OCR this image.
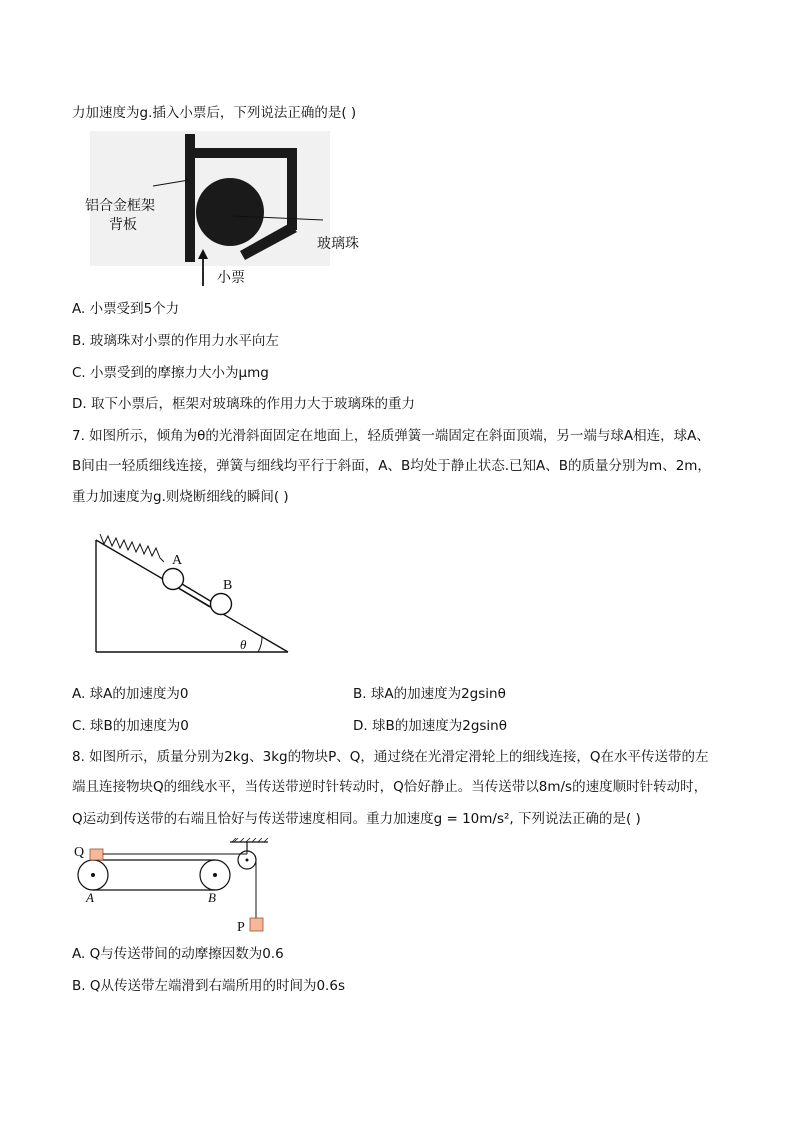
力加速度为g.插入小票后，下列说法正确的是( )
铝合金框架
背板
玻璃珠
小票
A. 小票受到5个力
B. 玻璃珠对小票的作用力水平向左
C. 小票受到的摩擦力大小为μmg
D. 取下小票后，框架对玻璃珠的作用力大于玻璃珠的重力
7. 如图所示，倾角为θ的光滑斜面固定在地面上，轻质弹簧一端固定在斜面顶端，另一端与球A相连，球A、
B间由一轻质细线连接，弹簧与细线均平行于斜面，A、B均处于静止状态.已知A、B的质量分别为m、2m，
重力加速度为g.则烧断细线的瞬间( )
A
B
θ
A. 球A的加速度为0	B. 球A的加速度为2gsinθ
C. 球B的加速度为0	D. 球B的加速度为2gsinθ
8. 如图所示，质量分别为2kg、3kg的物块P、Q，通过绕在光滑定滑轮上的细线连接，Q在水平传送带的左
端且连接物块Q的细线水平，当传送带逆时针转动时，Q恰好静止。当传送带以8m/s的速度顺时针转动时，
Q运动到传送带的右端且恰好与传送带速度相同。重力加速度g = 10m/s², 下列说法正确的是( )
Q
P
A	B
A. Q与传送带间的动摩擦因数为0.6
B. Q从传送带左端滑到右端所用的时间为0.6s
